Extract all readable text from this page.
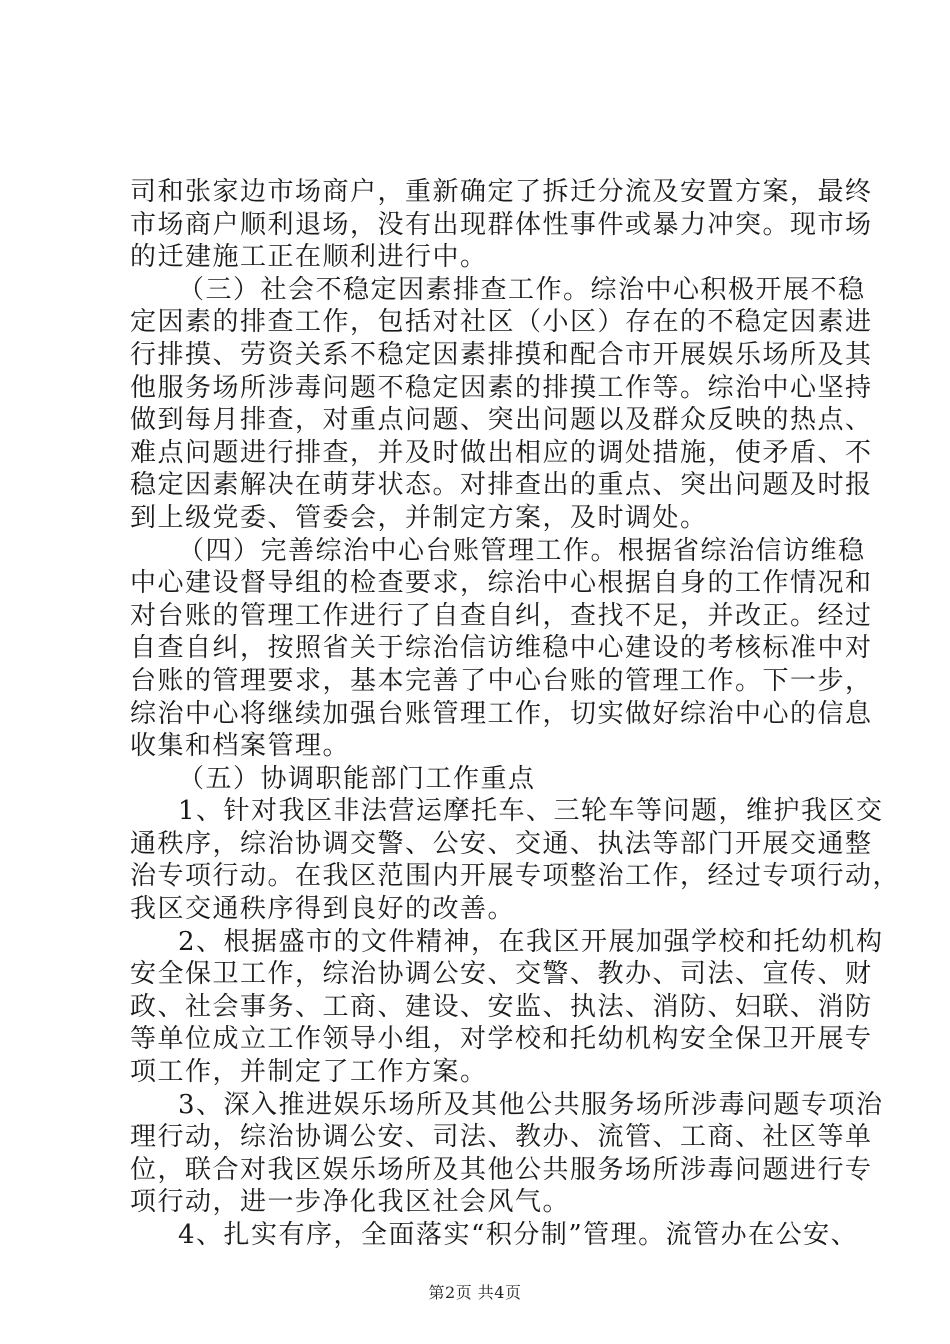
司和张家边市场商户，重新确定了拆迁分流及安置方案，最终
市场商户顺利退场，没有出现群体性事件或暴力冲突。现市场
的迁建施工正在顺利进行中。
（三）社会不稳定因素排查工作。综治中心积极开展不稳
定因素的排查工作，包括对社区（小区）存在的不稳定因素进
行排摸、劳资关系不稳定因素排摸和配合市开展娱乐场所及其
他服务场所涉毒问题不稳定因素的排摸工作等。综治中心坚持
做到每月排查，对重点问题、突出问题以及群众反映的热点、
难点问题进行排查，并及时做出相应的调处措施，使矛盾、不
稳定因素解决在萌芽状态。对排查出的重点、突出问题及时报
到上级党委、管委会，并制定方案，及时调处。
（四）完善综治中心台账管理工作。根据省综治信访维稳
中心建设督导组的检查要求，综治中心根据自身的工作情况和
对台账的管理工作进行了自查自纠，查找不足，并改正。经过
自查自纠，按照省关于综治信访维稳中心建设的考核标准中对
台账的管理要求，基本完善了中心台账的管理工作。下一步，
综治中心将继续加强台账管理工作，切实做好综治中心的信息
收集和档案管理。
（五）协调职能部门工作重点
1、针对我区非法营运摩托车、三轮车等问题，维护我区交
通秩序，综治协调交警、公安、交通、执法等部门开展交通整
治专项行动。在我区范围内开展专项整治工作，经过专项行动，
我区交通秩序得到良好的改善。
2、根据盛市的文件精神，在我区开展加强学校和托幼机构
安全保卫工作，综治协调公安、交警、教办、司法、宣传、财
政、社会事务、工商、建设、安监、执法、消防、妇联、消防
等单位成立工作领导小组，对学校和托幼机构安全保卫开展专
项工作，并制定了工作方案。
3、深入推进娱乐场所及其他公共服务场所涉毒问题专项治
理行动，综治协调公安、司法、教办、流管、工商、社区等单
位，联合对我区娱乐场所及其他公共服务场所涉毒问题进行专
项行动，进一步净化我区社会风气。
4、扎实有序，全面落实“积分制”管理。流管办在公安、
第2页 共4页
